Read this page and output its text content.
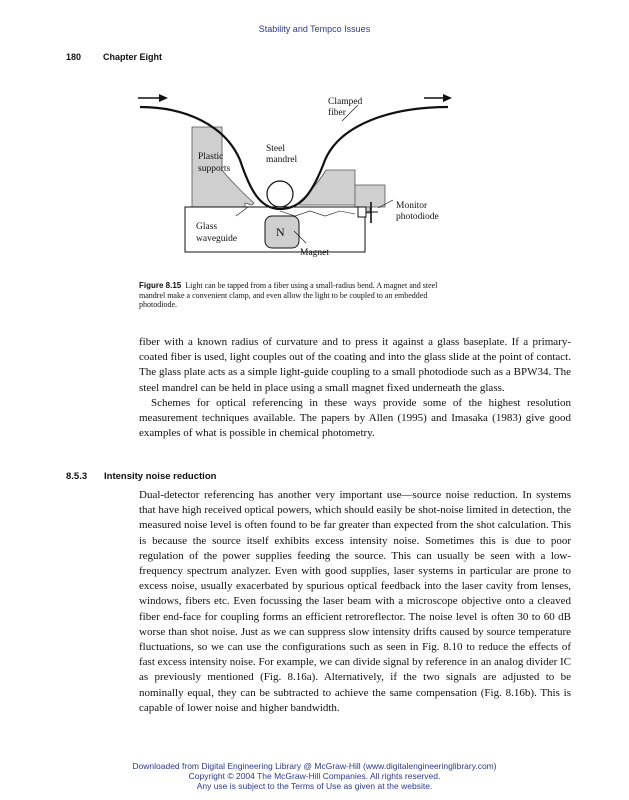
Stability and Tempco Issues
180 Chapter Eight
Clamped
fiber
Steel
mandrel
Plastic
supports
Monitor
photodiode
Glass
waveguide	N
Magnet
Figure 8.15 Light can be tapped from a fiber using a small-radius bend. A magnet and steel mandrel make a convenient clamp, and even allow the light to be coupled to an embedded photodiode.

fiber with a known radius of curvature and to press it against a glass baseplate. If a primary-coated fiber is used, light couples out of the coating and into the glass slide at the point of contact. The glass plate acts as a simple light-guide coupling to a small photodiode such as a BPW34. The steel mandrel can be held in place using a small magnet fixed underneath the glass.

Schemes for optical referencing in these ways provide some of the highest resolution measurement techniques available. The papers by Allen (1995) and Imasaka (1983) give good examples of what is possible in chemical photometry.

8.5.3 Intensity noise reduction

Dual-detector referencing has another very important use—source noise reduction. In systems that have high received optical powers, which should easily be shot-noise limited in detection, the measured noise level is often found to be far greater than expected from the shot calculation. This is because the source itself exhibits excess intensity noise. Sometimes this is due to poor regulation of the power supplies feeding the source. This can usually be seen with a low-frequency spectrum analyzer. Even with good supplies, laser systems in particular are prone to excess noise, usually exacerbated by spurious optical feedback into the laser cavity from lenses, windows, fibers etc. Even focussing the laser beam with a microscope objective onto a cleaved fiber end-face for coupling forms an efficient retroreflector. The noise level is often 30 to 60 dB worse than shot noise. Just as we can suppress slow intensity drifts caused by source temperature fluctuations, so we can use the configurations such as seen in Fig. 8.10 to reduce the effects of fast excess intensity noise. For example, we can divide signal by reference in an analog divider IC as previously mentioned (Fig. 8.16a). Alternatively, if the two signals are adjusted to be nominally equal, they can be subtracted to achieve the same compensation (Fig. 8.16b). This is capable of lower noise and higher bandwidth.

Downloaded from Digital Engineering Library @ McGraw-Hill (www.digitalengineeringlibrary.com)
Copyright © 2004 The McGraw-Hill Companies. All rights reserved.
Any use is subject to the Terms of Use as given at the website.
